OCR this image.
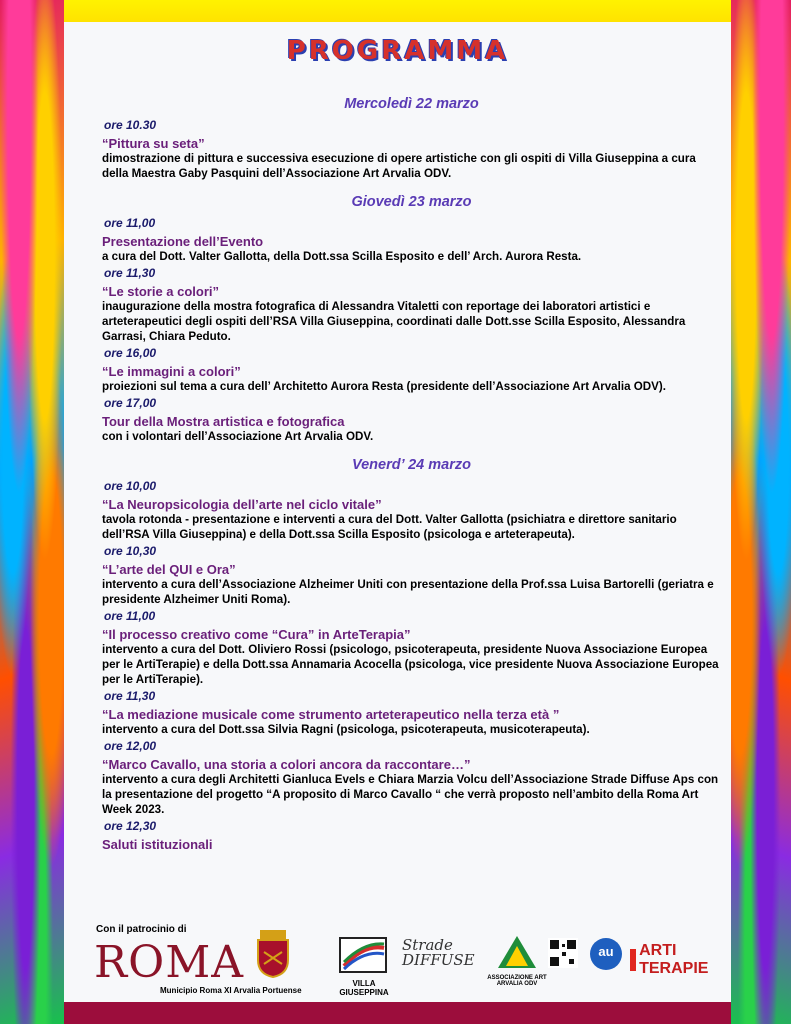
PROGRAMMA
Mercoledì 22 marzo
ore 10.30
“Pittura su seta”
dimostrazione di pittura e successiva esecuzione di opere artistiche con gli ospiti di Villa Giuseppina a cura della Maestra Gaby Pasquini dell’Associazione Art Arvalia ODV.
Giovedì 23 marzo
ore 11,00
Presentazione dell’Evento
a cura del Dott. Valter Gallotta, della Dott.ssa Scilla Esposito e dell’ Arch. Aurora Resta.
ore 11,30
“Le storie a colori”
inaugurazione della mostra fotografica di Alessandra Vitaletti con reportage dei laboratori artistici e arteterapeutici degli ospiti dell’RSA Villa Giuseppina, coordinati dalle Dott.sse Scilla Esposito, Alessandra Garrasi, Chiara Peduto.
ore 16,00
“Le immagini a colori”
proiezioni sul tema a cura dell’ Architetto Aurora Resta (presidente dell’Associazione Art Arvalia ODV).
ore 17,00
Tour della Mostra artistica e fotografica
con i volontari dell’Associazione Art Arvalia ODV.
Venerd’ 24 marzo
ore 10,00
“La Neuropsicologia dell’arte nel ciclo vitale”
tavola rotonda - presentazione e interventi a cura del Dott. Valter Gallotta (psichiatra e direttore sanitario dell’RSA Villa Giuseppina) e della Dott.ssa Scilla Esposito (psicologa e arteterapeuta).
ore 10,30
“L’arte del QUI e Ora”
intervento a cura dell’Associazione Alzheimer Uniti con presentazione della Prof.ssa Luisa Bartorelli (geriatra e presidente Alzheimer Uniti Roma).
ore 11,00
“Il processo creativo come “Cura” in ArteTerapia”
intervento a cura del Dott. Oliviero Rossi (psicologo, psicoterapeuta, presidente Nuova Associazione Europea per le ArtiTerapie) e della Dott.ssa Annamaria Acocella (psicologa, vice presidente Nuova Associazione Europea per le ArtiTerapie).
ore 11,30
“La mediazione musicale come strumento arteterapeutico nella terza età ”
intervento a cura del Dott.ssa Silvia Ragni (psicologa, psicoterapeuta, musicoterapeuta).
ore 12,00
“Marco Cavallo, una storia a colori ancora da raccontare…”
intervento a cura degli Architetti Gianluca Evels e Chiara Marzia Volcu dell’Associazione Strade Diffuse Aps con la presentazione del progetto “A proposito di Marco Cavallo “ che verrà proposto nell’ambito della Roma Art Week 2023.
ore 12,30
Saluti istituzionali
Con il patrocinio di
ROMA
Municipio Roma XI Arvalia Portuense
VILLA GIUSEPPINA
Strade DIFFUSE
ASSOCIAZIONE ART ARVALIA ODV
au	ARTI TERAPIE
